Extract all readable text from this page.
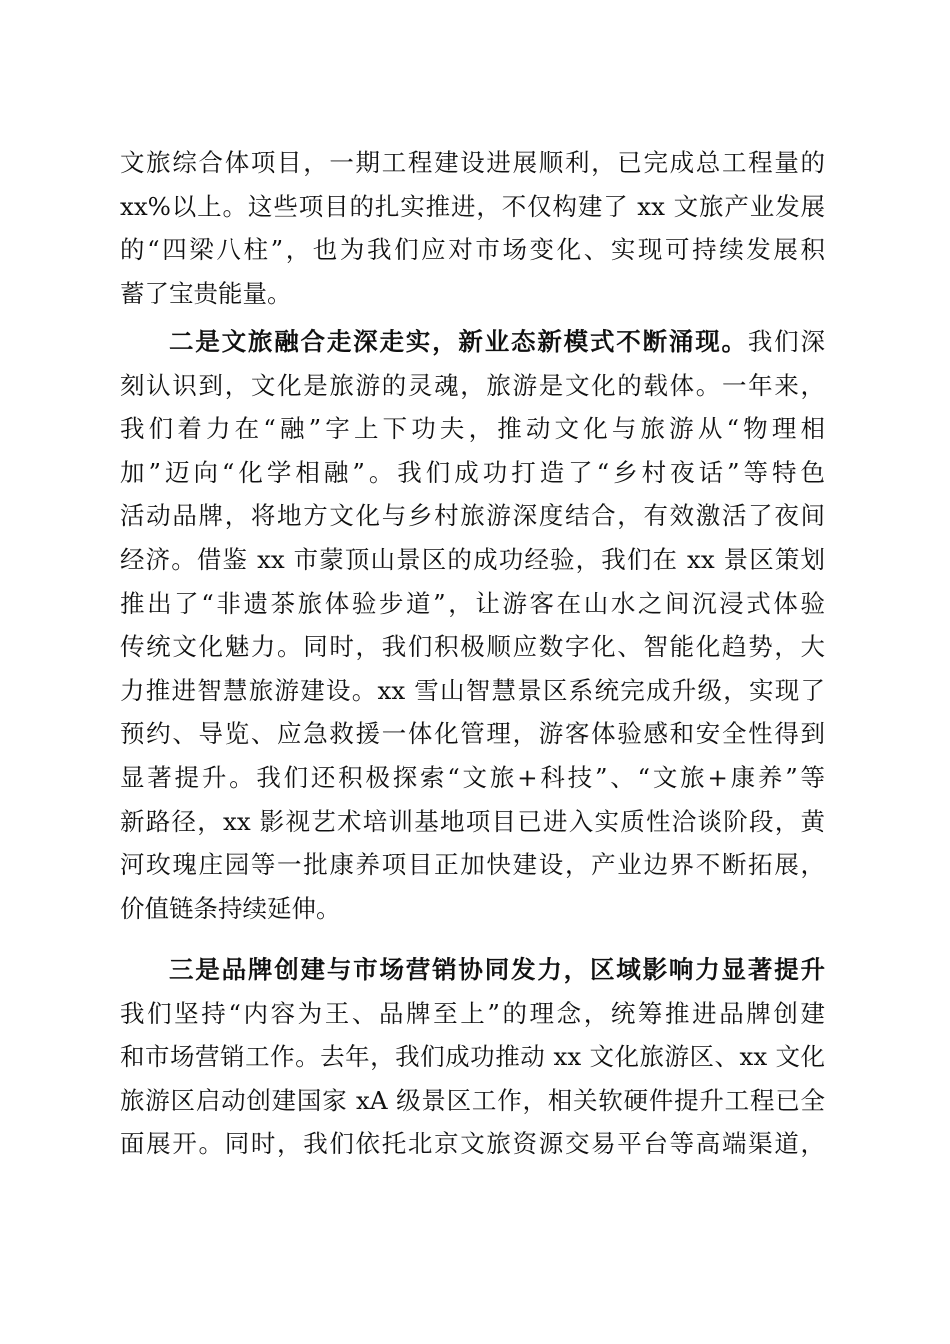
文旅综合体项目，一期工程建设进展顺利，已完成总工程量的
xx%以上。这些项目的扎实推进，不仅构建了 xx 文旅产业发展
的“四梁八柱”，也为我们应对市场变化、实现可持续发展积
蓄了宝贵能量。
二是文旅融合走深走实，新业态新模式不断涌现。我们深
刻认识到，文化是旅游的灵魂，旅游是文化的载体。一年来，
我们着力在“融”字上下功夫，推动文化与旅游从“物理相
加”迈向“化学相融”。我们成功打造了“乡村夜话”等特色
活动品牌，将地方文化与乡村旅游深度结合，有效激活了夜间
经济。借鉴 xx 市蒙顶山景区的成功经验，我们在 xx 景区策划
推出了“非遗茶旅体验步道”，让游客在山水之间沉浸式体验
传统文化魅力。同时，我们积极顺应数字化、智能化趋势，大
力推进智慧旅游建设。xx 雪山智慧景区系统完成升级，实现了
预约、导览、应急救援一体化管理，游客体验感和安全性得到
显著提升。我们还积极探索“文旅+科技”、“文旅+康养”等
新路径，xx 影视艺术培训基地项目已进入实质性洽谈阶段，黄
河玫瑰庄园等一批康养项目正加快建设，产业边界不断拓展，
价值链条持续延伸。
三是品牌创建与市场营销协同发力，区域影响力显著提升
我们坚持“内容为王、品牌至上”的理念，统筹推进品牌创建
和市场营销工作。去年，我们成功推动 xx 文化旅游区、xx 文化
旅游区启动创建国家 xA 级景区工作，相关软硬件提升工程已全
面展开。同时，我们依托北京文旅资源交易平台等高端渠道，
